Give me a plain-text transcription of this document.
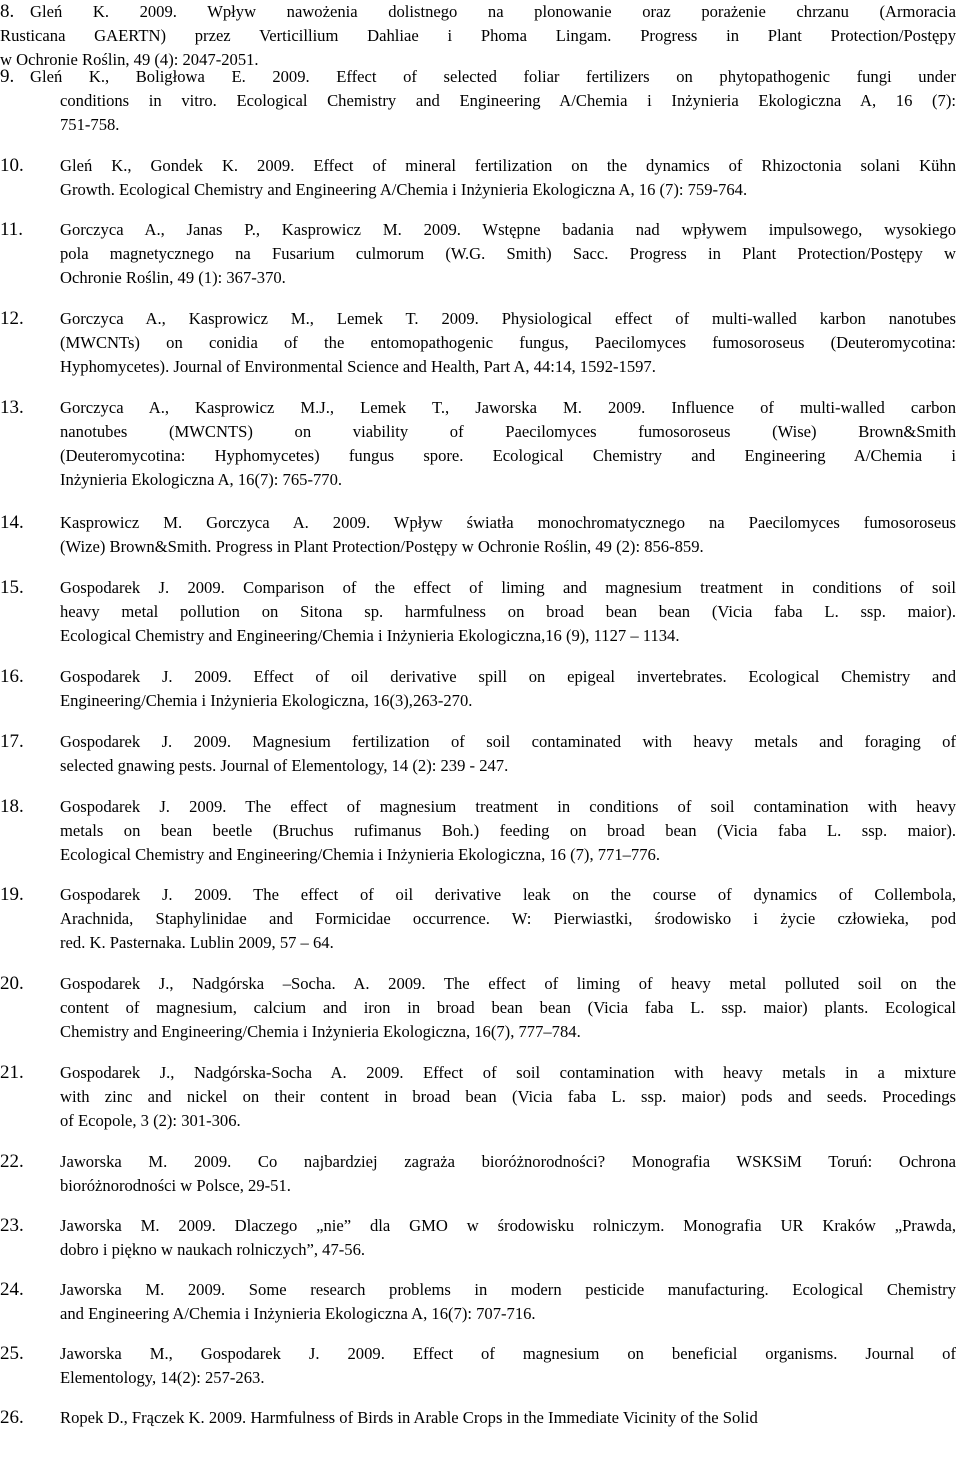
8. Gleń K. 2009. Wpływ nawożenia dolistnego na plonowanie oraz porażenie chrzanu (Armoracia
Rusticana GAERTN) przez Verticillium Dahliae i Phoma Lingam. Progress in Plant Protection/Postępy
w Ochronie Roślin, 49 (4): 2047-2051.
9. Gleń K., Boligłowa E. 2009. Effect of selected foliar fertilizers on phytopathogenic fungi under
conditions in vitro. Ecological Chemistry and Engineering A/Chemia i Inżynieria Ekologiczna A, 16 (7):
751-758.
10. Gleń K., Gondek K. 2009. Effect of mineral fertilization on the dynamics of Rhizoctonia solani Kühn
Growth. Ecological Chemistry and Engineering A/Chemia i Inżynieria Ekologiczna A, 16 (7): 759-764.
11. Gorczyca A., Janas P., Kasprowicz M. 2009. Wstępne badania nad wpływem impulsowego, wysokiego
pola magnetycznego na Fusarium culmorum (W.G. Smith) Sacc. Progress in Plant Protection/Postępy w
Ochronie Roślin, 49 (1): 367-370.
12. Gorczyca A., Kasprowicz M., Lemek T. 2009. Physiological effect of multi-walled karbon nanotubes
(MWCNTs) on conidia of the entomopathogenic fungus, Paecilomyces fumosoroseus (Deuteromycotina:
Hyphomycetes). Journal of Environmental Science and Health, Part A, 44:14, 1592-1597.
13. Gorczyca A., Kasprowicz M.J., Lemek T., Jaworska M. 2009. Influence of multi-walled carbon
nanotubes (MWCNTS) on viability of Paecilomyces fumosoroseus (Wise) Brown&Smith
(Deuteromycotina: Hyphomycetes) fungus spore. Ecological Chemistry and Engineering A/Chemia i
Inżynieria Ekologiczna A, 16(7): 765-770.
14. Kasprowicz M. Gorczyca A. 2009. Wpływ światła monochromatycznego na Paecilomyces fumosoroseus
(Wize) Brown&Smith. Progress in Plant Protection/Postępy w Ochronie Roślin, 49 (2): 856-859.
15. Gospodarek J. 2009. Comparison of the effect of liming and magnesium treatment in conditions of soil
heavy metal pollution on Sitona sp. harmfulness on broad bean bean (Vicia faba L. ssp. maior).
Ecological Chemistry and Engineering/Chemia i Inżynieria Ekologiczna,16 (9), 1127 – 1134.
16. Gospodarek J. 2009. Effect of oil derivative spill on epigeal invertebrates. Ecological Chemistry and
Engineering/Chemia i Inżynieria Ekologiczna, 16(3),263-270.
17. Gospodarek J. 2009. Magnesium fertilization of soil contaminated with heavy metals and foraging of
selected gnawing pests. Journal of Elementology, 14 (2): 239 - 247.
18. Gospodarek J. 2009. The effect of magnesium treatment in conditions of soil contamination with heavy
metals on bean beetle (Bruchus rufimanus Boh.) feeding on broad bean (Vicia faba L. ssp. maior).
Ecological Chemistry and Engineering/Chemia i Inżynieria Ekologiczna, 16 (7), 771–776.
19. Gospodarek J. 2009. The effect of oil derivative leak on the course of dynamics of Collembola,
Arachnida, Staphylinidae and Formicidae occurrence. W: Pierwiastki, środowisko i życie człowieka, pod
red. K. Pasternaka. Lublin 2009, 57 – 64.
20. Gospodarek J., Nadgórska –Socha. A. 2009. The effect of liming of heavy metal polluted soil on the
content of magnesium, calcium and iron in broad bean bean (Vicia faba L. ssp. maior) plants. Ecological
Chemistry and Engineering/Chemia i Inżynieria Ekologiczna, 16(7), 777–784.
21. Gospodarek J., Nadgórska-Socha A. 2009. Effect of soil contamination with heavy metals in a mixture
with zinc and nickel on their content in broad bean (Vicia faba L. ssp. maior) pods and seeds. Procedings
of Ecopole, 3 (2): 301-306.
22. Jaworska M. 2009. Co najbardziej zagraża bioróżnorodności? Monografia WSKSiM Toruń: Ochrona
bioróżnorodności w Polsce, 29-51.
23. Jaworska M. 2009. Dlaczego „nie” dla GMO w środowisku rolniczym. Monografia UR Kraków „Prawda,
dobro i piękno w naukach rolniczych”, 47-56.
24. Jaworska M. 2009. Some research problems in modern pesticide manufacturing. Ecological Chemistry
and Engineering A/Chemia i Inżynieria Ekologiczna A, 16(7): 707-716.
25. Jaworska M., Gospodarek J. 2009. Effect of magnesium on beneficial organisms. Journal of
Elementology, 14(2): 257-263.
26. Ropek D., Frączek K. 2009. Harmfulness of Birds in Arable Crops in the Immediate Vicinity of the Solid
